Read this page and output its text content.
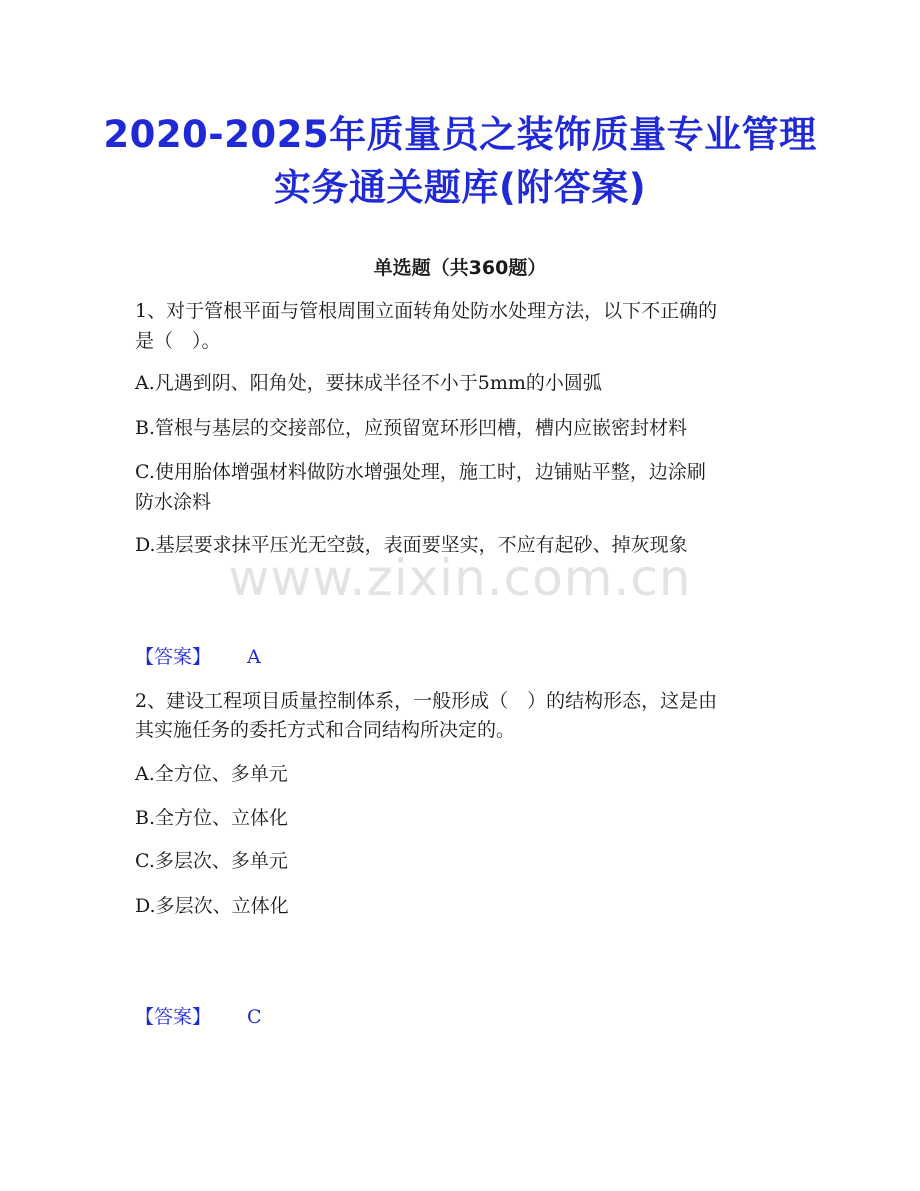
2020-2025年质量员之装饰质量专业管理
实务通关题库(附答案)
单选题（共360题）
1、对于管根平面与管根周围立面转角处防水处理方法，以下不正确的
是（　）。
A.凡遇到阴、阳角处，要抹成半径不小于5mm的小圆弧
B.管根与基层的交接部位，应预留宽环形凹槽，槽内应嵌密封材料
C.使用胎体增强材料做防水增强处理，施工时，边铺贴平整，边涂刷
防水涂料
D.基层要求抹平压光无空鼓，表面要坚实，不应有起砂、掉灰现象
【答案】 A
2、建设工程项目质量控制体系，一般形成（　）的结构形态，这是由
其实施任务的委托方式和合同结构所决定的。
A.全方位、多单元
B.全方位、立体化
C.多层次、多单元
D.多层次、立体化
【答案】 C
www.zixin.com.cn
